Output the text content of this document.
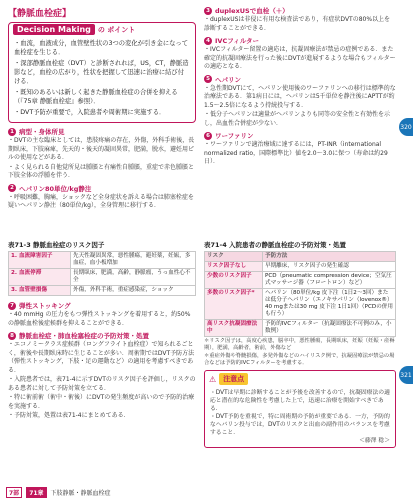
【静脈血栓症】
Decision Making	の ポイント

・血流，血液成分，血管壁性状の3つの変化が引き金になって血栓症を生じる．

・深部静脈血栓症（DVT）と診断されれば，US，CT，静脈造影など，血栓の広がり，性状を把握して迅速に治療に結び付ける．

・既知のあるいは新しく起きた静脈血栓症の合併を抑える（『75章 静脈血栓症』参照）．

・DVT予防が重要で，入院患者や周術期に実施する．

1 病型・身体所見

・DVTの主な臨床としては，患肢疼痛の存在，外傷，外科手術後，長期臥床，下肢麻痺，先天的・後天的凝固異常，肥満，脱水，避妊用ピルの使用などがある．

・よく見られる自他覚所見は腫脹と有痛性自腫脹，重症で赤色腫脹と下肢全体の浮腫を伴う．

2 ヘパリン80単位/kg静注

・呼吸困難，胸痛，ショックなど全身症状を訴える場合は肺塞栓症を疑いヘパリン静注（80単位/kg），全身管理に移行する．

3 duplexUSで血栓（＋）

・duplexUSは非侵に有用な検査法であり，有症状DVTの80%以上を診断することができる．

4 IVCフィルター

・IVCフィルター留置の適応は，抗凝固療法が禁忌の症例である．また確定的抗凝固療法を行った後にDVTが進展するような場合もフィルターの適応となる．

5 ヘパリン

・急性期DVTにて，ヘパリン使用後のワーファリンへの移行は標準的な治療法である．第1病日には，ヘパリンは5千単位を静注後にAPTTが約1.5〜2.5倍になるよう持続投与する．

・低分子ヘパリンは適量がヘパリンよりも同等の安全性と有効性を示し，出血性合併症が少ない．

6 ワーファリン

・ワーファリンで適治療域に達するには，PT-INR（international normalized ratio，国際標準比）値を2.0〜3.0に保つ（寿命は約29日）．

320
表71-3 静脈血栓症のリスク因子
1. 血流障害因子	先天性凝固異常，悪性腫瘍，避妊薬，妊娠，多血症，血小板増加
2. 血流停滞	長期臥床，肥満，高齢，静脈瘤，うっ血性心不全
3. 血管壁損傷	外傷，外科手術，重症感染症，ショック
7 弾性ストッキング

・40 mmHg の圧力をもつ弾性ストッキングを着用すると，約50%の静脈血栓後症候群を抑えることができる．

8 静脈血栓症・肺血栓塞栓症の予防対策・処置

・エコノミークラス症候群（ロングフライト血栓症）で知られるごとく，術後や長期臥床時に生じることが多い．周術期ではDVT予防方法（弾性ストッキング，下肢・足の運動など）の適用を考慮すべきである．

・入院患者では，表71-4に示すDVTのリスク因子を評価し，リスクのある患者に対して予防対策を立てる．

・特に術前術（術中・術後）にDVTの発生頻度が高いので予防的治療を実施する．

・予防対策，処置は表71-4にまとめてある．

表71-4 入院患者の静脈血栓症の予防対策・処置
リスク	予防方法
リスク因子なし	早期離床，リスク因子の発生確認
少数のリスク因子	PCD（pneumatic compression device；空気圧式マッサージ器（フロートロン）など）
多数のリスク因子*	ヘパリン（80単位/kg 皮下注（1日2〜3回）または低分子ヘパリン（エノキサパリン（lovenox®）40 mgまたは30 mg 皮下注 1日1回）（PCDの併用も行う）
高リスク抗凝固療法中	予防的IVCフィルター（抗凝固療法不可例のみ，小数例）

＊リスク因子は，高度心疾患，脳卒中，悪性腫瘍，長期臥床，妊娠（妊娠・産褥期），肥満，高齢者，術前，外傷など

＊重症外傷や脊髄損傷，多発外傷などのハイリスク例で，抗凝固療法が禁忌の場合などは予防的IVCフィルターを考慮する．

⚠	注意点

・DVTは早期に診断することが予後を改善するので，抗凝固療法の適応と潜在的な危険性を考慮した上で，迅速に治療を開始すべきである．

・DVT予防を重視で，特に周術期の予防が重要である．一方，予防的なヘパリン投与では，DVTのリスクと出血の副作用のバランスを考慮すること．

＜藤澤 稔＞

321
7部	71章	下肢静脈・静脈血栓症
